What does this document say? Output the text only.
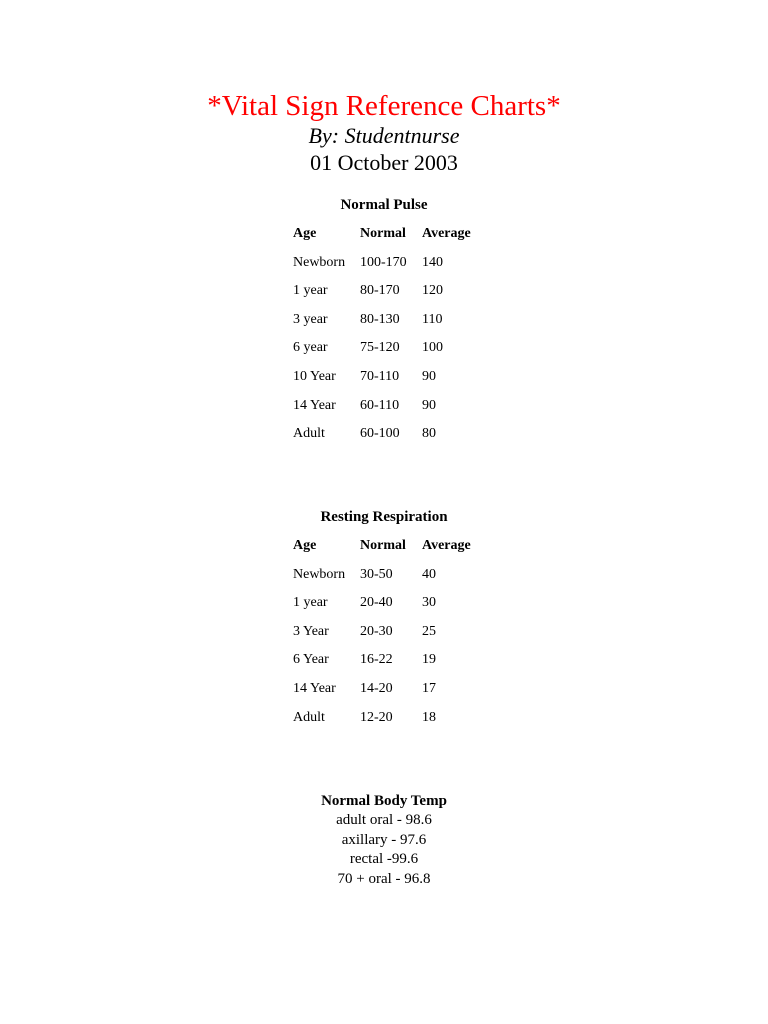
*Vital Sign Reference Charts*
By: Studentnurse
01 October 2003
Normal Pulse
Age	Normal Average
Newborn 100-170 140
1 year 80-170 120
3 year 80-130 110
6 year 75-120 100
10 Year 70-110 90
14 Year 60-110 90
Adult	60-100 80
Resting Respiration
Age	Normal Average
Newborn 30-50 40
1 year 20-40 30
3 Year 20-30 25
6 Year 16-22 19
14 Year 14-20 17
Adult	12-20 18
Normal Body Temp
adult oral - 98.6
axillary - 97.6
rectal -99.6
70 + oral - 96.8
